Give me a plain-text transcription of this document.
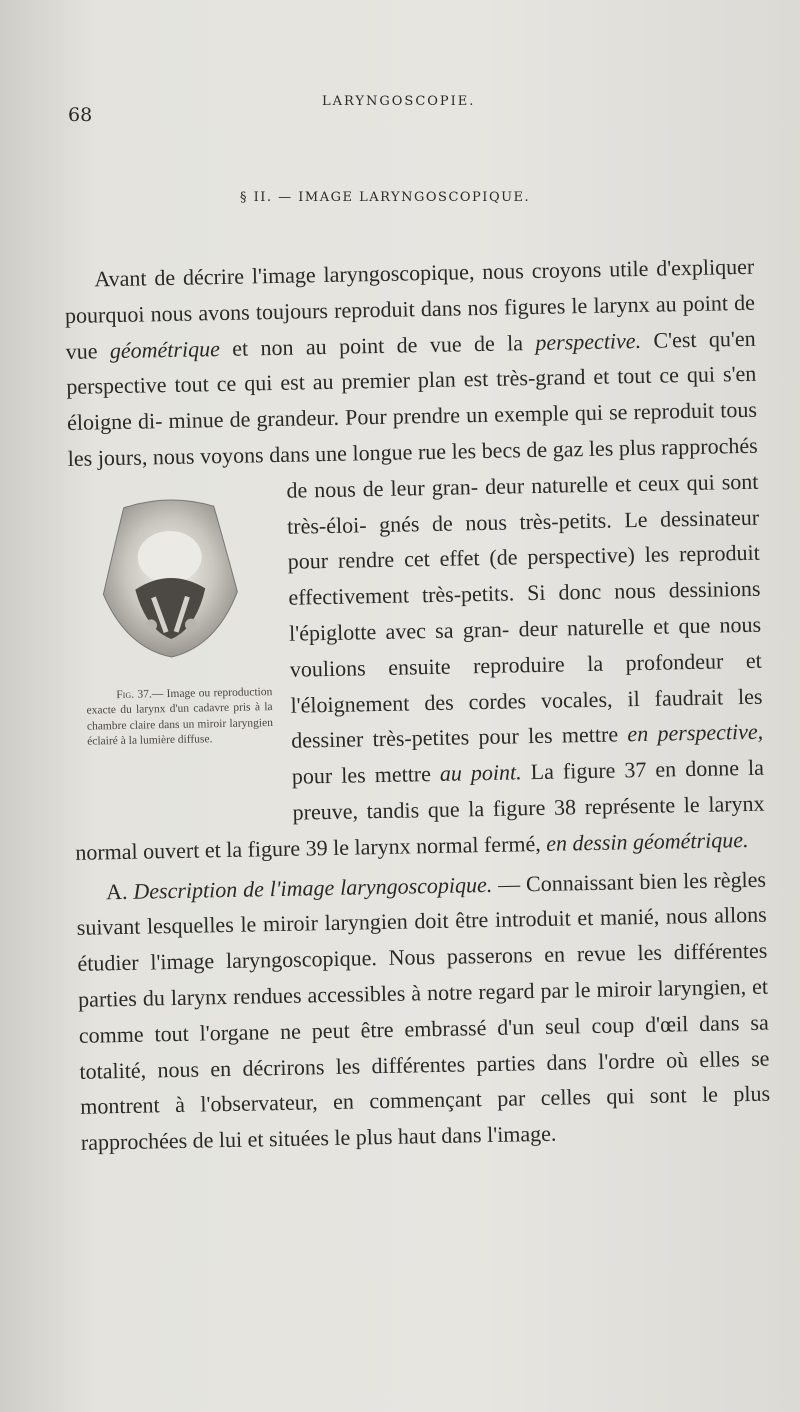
68
LARYNGOSCOPIE.
§ II. — IMAGE LARYNGOSCOPIQUE.

Avant de décrire l'image laryngoscopique, nous croyons utile d'expliquer pourquoi nous avons toujours reproduit dans nos figures le larynx au point de vue géométrique et non au point de vue de la perspective. C'est qu'en perspective tout ce qui est au premier plan est très-grand et tout ce qui s'en éloigne di- minue de grandeur. Pour prendre un exemple qui se reproduit tous les jours, nous voyons dans une longue rue les becs de gaz
Fig. 37.— Image ou reproduction exacte du larynx d'un cadavre pris à la chambre claire dans un miroir laryngien éclairé à la lumière diffuse.
les plus rapprochés de nous de leur gran- deur naturelle et ceux qui sont très-éloi- gnés de nous très-petits. Le dessinateur pour rendre cet effet (de perspective) les reproduit effectivement très-petits. Si donc nous dessinions l'épiglotte avec sa gran- deur naturelle et que nous voulions ensuite reproduire la profondeur et l'éloignement des cordes vocales, il faudrait les dessiner très-petites pour les mettre en perspective, pour les mettre au point. La figure 37 en donne la preuve, tandis que la figure 38 représente le larynx normal ouvert et la figure 39 le larynx normal fermé, en dessin géométrique.

A. Description de l'image laryngoscopique. — Connaissant bien les règles suivant lesquelles le miroir laryngien doit être introduit et manié, nous allons étudier l'image laryngoscopique. Nous passerons en revue les différentes parties du larynx rendues accessibles à notre regard par le miroir laryngien, et comme tout l'organe ne peut être embrassé d'un seul coup d'œil dans sa totalité, nous en décrirons les différentes parties dans l'ordre où elles se montrent à l'observateur, en commençant par celles qui sont le plus rapprochées de lui et situées le plus haut dans l'image.
